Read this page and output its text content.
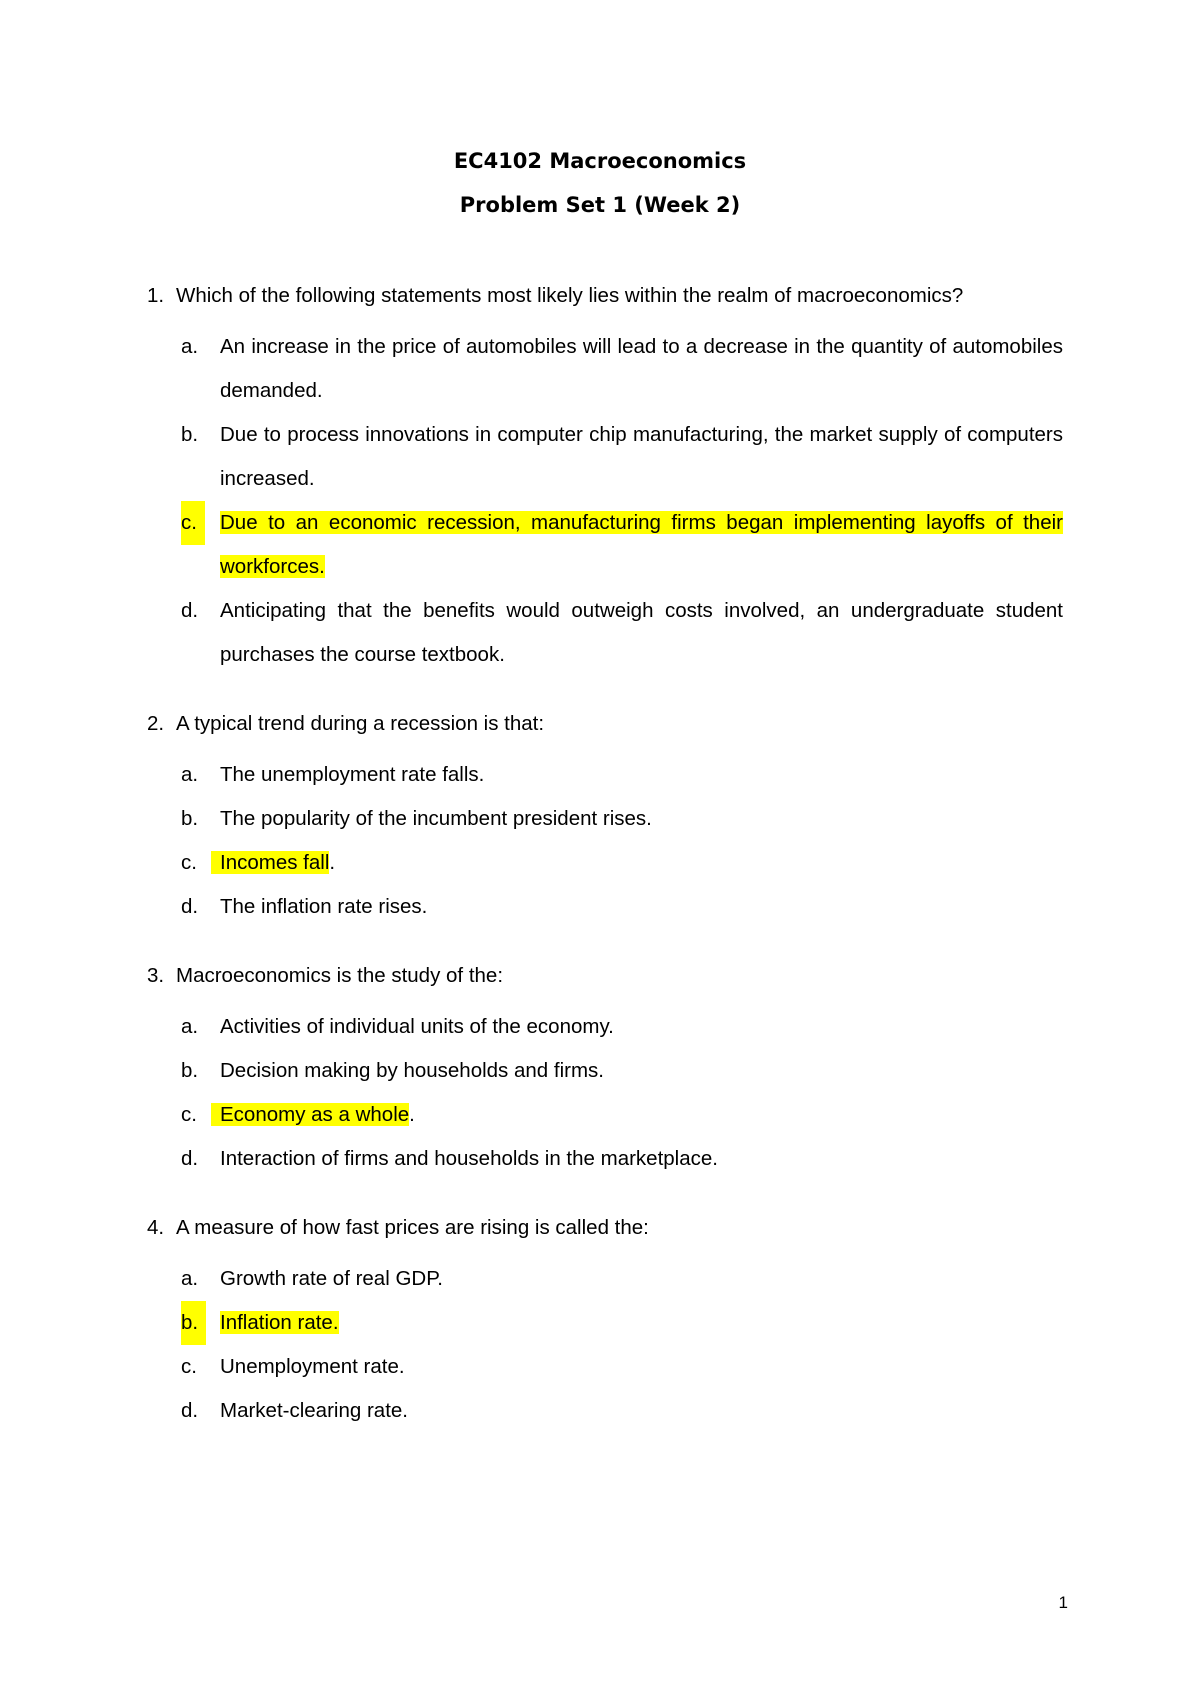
EC4102 Macroeconomics
Problem Set 1 (Week 2)
1. Which of the following statements most likely lies within the realm of macroeconomics?
a. An increase in the price of automobiles will lead to a decrease in the quantity of automobiles demanded.
b. Due to process innovations in computer chip manufacturing, the market supply of computers increased.
c.	Due to an economic recession, manufacturing firms began implementing layoffs of their workforces.
d. Anticipating that the benefits would outweigh costs involved, an undergraduate student purchases the course textbook.
2. A typical trend during a recession is that:
a. The unemployment rate falls.
b. The popularity of the incumbent president rises.
c. Incomes fall.
d. The inflation rate rises.
3. Macroeconomics is the study of the:
a. Activities of individual units of the economy.
b. Decision making by households and firms.
c. Economy as a whole.
d. Interaction of firms and households in the marketplace.
4. A measure of how fast prices are rising is called the:
a. Growth rate of real GDP.
b.	Inflation rate.
c. Unemployment rate.
d. Market-clearing rate.
1
